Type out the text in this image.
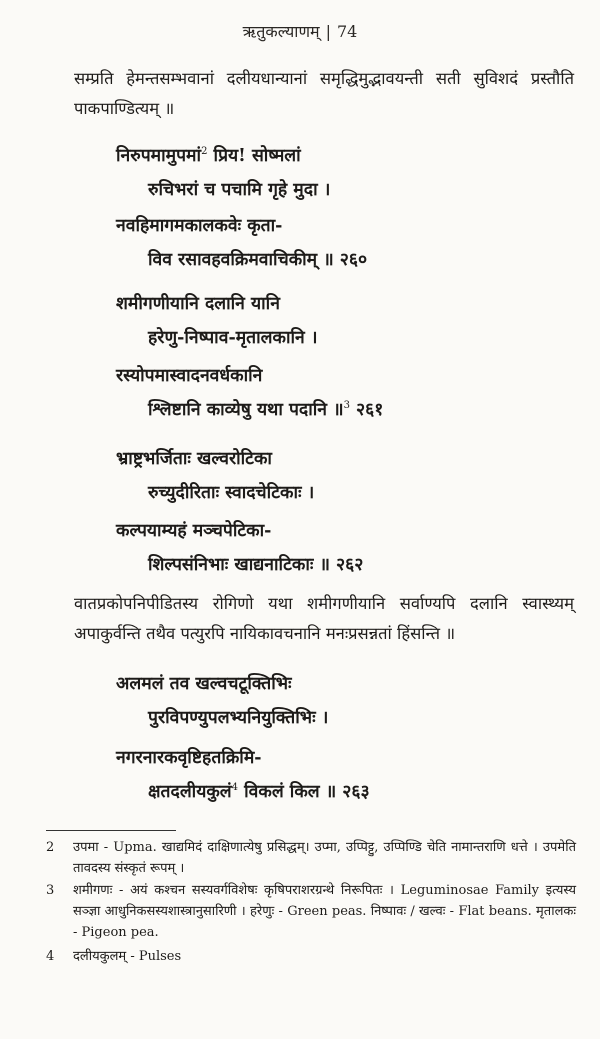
ऋतुकल्याणम् | 74
सम्प्रति हेमन्तसम्भवानां दलीयधान्यानां समृद्धिमुद्भावयन्ती सती सुविशदं प्रस्तौति पाकपाण्डित्यम् ॥
निरुपमामुपमां$^2$ प्रिय! सोष्मलां
रुचिभरां च पचामि गृहे मुदा ।
नवहिमागमकालकवेः कृता-
विव रसावहवक्रिमवाचिकीम् ॥ २६०
शमीगणीयानि दलानि यानि
हरेणु-निष्पाव-मृतालकानि ।
रस्योपमास्वादनवर्धकानि
श्लिष्टानि काव्येषु यथा पदानि ॥$^3$ २६१
भ्राष्ट्रभर्जिताः खल्वरोटिका
रुच्युदीरिताः स्वादचेटिकाः ।
कल्पयाम्यहं मञ्चपेटिका-
शिल्पसंनिभाः खाद्यनाटिकाः ॥ २६२
वातप्रकोपनिपीडितस्य रोगिणो यथा शमीगणीयानि सर्वाण्यपि दलानि स्वास्थ्यम् अपाकुर्वन्ति तथैव पत्युरपि नायिकावचनानि मनःप्रसन्नतां हिंसन्ति ॥
अलमलं तव खल्वचटूक्तिभिः
पुरविपण्युपलभ्यनियुक्तिभिः ।
नगरनारकवृष्टिहतक्रिमि-
क्षतदलीयकुलं$^4$ विकलं किल ॥ २६३
2 उपमा - Upma. खाद्यमिदं दाक्षिणात्येषु प्रसिद्धम्। उप्मा, उप्पिट्टु, उप्पिण्डि चेति नामान्तराणि धत्ते । उपमेति तावदस्य संस्कृतं रूपम् ।
3 शमीगणः - अयं कश्चन सस्यवर्गविशेषः कृषिपराशरग्रन्थे निरूपितः । Leguminosae Family इत्यस्य सञ्ज्ञा आधुनिकसस्यशास्त्रानुसारिणी । हरेणुः - Green peas. निष्पावः / खल्वः - Flat beans. मृतालकः - Pigeon pea.
4 दलीयकुलम् - Pulses
